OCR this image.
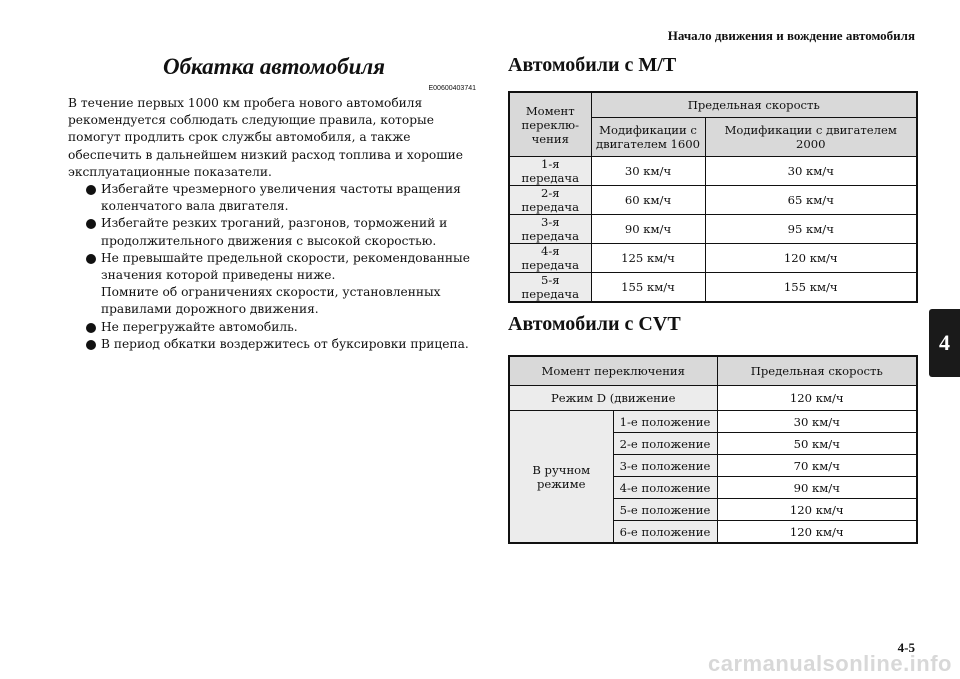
Начало движения и вождение автомобиля
4
4-5
carmanualsonline.info
Обкатка автомобиля
E00600403741

В течение первых 1000 км пробега нового автомобиля рекомендуется соблюдать следующие правила, которые помогут продлить срок службы автомобиля, а также обеспечить в дальнейшем низкий расход топлива и хорошие эксплуатационные показатели.

Избегайте чрезмерного увеличения частоты вращения коленчатого вала двигателя.
Избегайте резких троганий, разгонов, торможений и продолжительного движения с высокой скоростью.
Не превышайте предельной скорости, рекомендованные значения которой приведены ниже.
Помните об ограничениях скорости, установленных правилами дорожного движения.
Не перегружайте автомобиль.
В период обкатки воздержитесь от буксировки прицепа.
Автомобили с M/T
Момент переклю-чения	Предельная скорость	
	Модификации с двигателем 1600	Модификации с двигателем 2000
1-я передача	30 км/ч	30 км/ч
2-я передача	60 км/ч	65 км/ч
3-я передача	90 км/ч	95 км/ч
4-я передача	125 км/ч	120 км/ч
5-я передача	155 км/ч	155 км/ч
Автомобили с CVT
Момент переключения		Предельная скорость
Режим D (движение		120 км/ч
В ручном режиме	1-е положение	30 км/ч
	2-е положение	50 км/ч
	3-е положение	70 км/ч
	4-е положение	90 км/ч
	5-е положение	120 км/ч
	6-е положение	120 км/ч
